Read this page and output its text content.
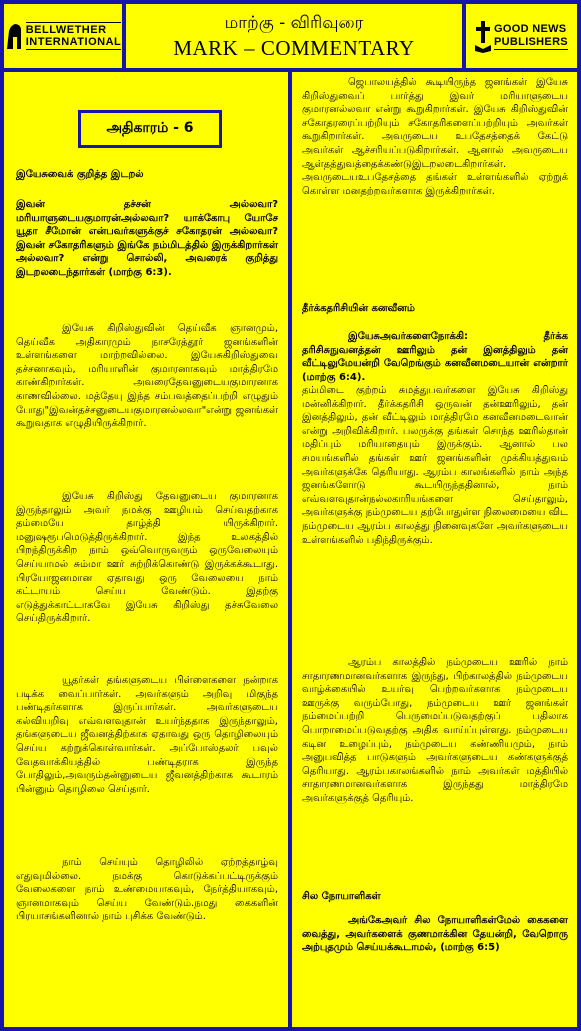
BELLWETHER
INTERNATIONAL
மாற்கு - விரிவுரை
MARK – COMMENTARY
GOOD NEWS
PUBLISHERS
அதிகாரம் - 6
இயேசுவைக் குறித்த இடறல்
இவன் தச்சன் அல்லவா? மரியாளுடையகுமாரன்அல்லவா? யாக்கோபு யோசே யூதா சீமோன் என்பவர்களுக்குச் சகோதரன் அல்லவா? இவன் சகோதரிகளும் இங்கே நம்மிடத்தில் இருக்கிறார்கள் அல்லவா? என்று சொல்லி, அவரைக் குறித்து இடறலடைந்தார்கள் (மாற்கு 6:3).
இயேசு கிறிஸ்துவின் தெய்வீக ஞானமும், தெய்வீக அதிகாரமும் நாசரேத்தூர் ஜனங்களின் உள்ளங்களை மாற்றவில்லை. இயேசுகிறிஸ்துவை தச்சனாகவும், மரியாளின் குமாரனாகவும் மாத்திரமே காண்கிறார்கள். அவரைதேவனுடையகுமாரனாக காணவில்லை. மத்தேயு இந்த சம்பவத்தைப்பற்றி எழுதும் போது"இவன்தச்சனுடையகுமாரனல்லவா"என்று ஜனங்கள் கூறுவதாக எழுதியிருக்கிறார்.
இயேசு கிறிஸ்து தேவனுடைய குமாரனாக இருந்தாலும் அவர் நமக்கு ஊழியம் செய்வதற்காக தம்மையே தாழ்த்தி யிருக்கிறார். மனுஷரூபமெடுத்திருக்கிறார். இந்த உலகத்தில் பிறந்திருக்கிற நாம் ஒவ்வொருவரும் ஒருவேலையும் செய்யாமல் சும்மா ஊர் சுற்றிக்கொண்டு இருக்கக்கூடாது. பிரயோஜனமான ஏதாவது ஒரு வேலையை நாம் கட்டாயம் செய்ய வேண்டும். இதற்கு எடுத்துக்காட்டாகவே இயேசு கிறிஸ்து தச்சுவேலை செய்திருக்கிறார்.
யூதர்கள் தங்களுடைய பிள்ளைகளை நன்றாக படிக்க வைப்பார்கள். அவர்களும் அறிவு மிகுந்த பண்டிதர்களாக இருப்பார்கள். அவர்களுடைய கல்வியறிவு எவ்வளவுதான் உயர்ந்ததாக இருந்தாலும், தங்களுடைய ஜீவனத்திற்காக ஏதாவது ஒரு தொழிலையும் செய்ய கற்றுக்கொள்வார்கள். அப்போஸ்தலர் பவுல் வேதவாக்கியத்தில் பண்டிதராக இருந்த போதிலும்,அவரும்தன்னுடைய ஜீவனத்திற்காக கூடாரம் பின்னும் தொழிலை செய்தார்.
நாம் செய்யும் தொழிலில் ஏற்றத்தாழ்வு எதுவுமில்லை. நமக்கு கொடுக்கப்பட்டிருக்கும் வேலைகளை நாம் உண்மையாகவும், நேர்த்தியாகவும், ஞானமாகவும் செய்ய வேண்டும்.நமது கைகளின் பிரயாசங்களினால் நாம் புசிக்க வேண்டும்.
ஜெபாலயத்தில் கூடியிருந்த ஜனங்கள் இயேசு கிறிஸ்துவைப் பார்த்து இவர் மரியாளுடைய குமாரனல்லவா என்று கூறுகிறார்கள். இயேசு கிறிஸ்துவின் சகோதரரைப்பற்றியும் சகோதரிகளைப்பற்றியும் அவர்கள் கூறுகிறார்கள். அவருடைய உபதேசத்தைக் கேட்டு அவர்கள் ஆச்சரியப்படுகிறார்கள். ஆனால் அவருடைய ஆள்தத்துவத்தைக்கண்டுஇடறலடைகிறார்கள். அவருடையஉபதேசத்தை தங்கள் உள்ளங்களில் ஏற்றுக் கொள்ள மனதற்றவர்களாக இருக்கிறார்கள்.
தீர்க்கதரிசியின் கனவீனம்
இயேசுஅவர்களைநோக்கி: தீர்க்க தரிசிசுநுவனத்தன் ஊரிலும் தன் இனத்திலும் தன் வீட்டிலுமேயன்றி வேறெங்கும் கனவீனமடையான் என்றார் (மாற்கு 6:4).
தம்மிடை குற்றம் சுமத்துபவர்களை இயேசு கிறிஸ்து மன்னிக்கிறார். தீர்க்கதரிசி ஒருவன் தன்ஊரிலும், தன் இனத்திலும், தன் வீட்டிலும் மாத்திரமே கனவீனமடைவான் என்று அறிவிக்கிறார். பலருக்கு தங்கள் சொந்த ஊரில்தான் மதிப்பும் மரியாதையும் இருக்கும். ஆனால் பல சமயங்களில் தங்கள் ஊர் ஜனங்களின் முக்கியத்துவம் அவர்களுக்கே தெரியாது. ஆரம்ப காலங்களில் நாம் அந்த ஜனங்களோடு கூடயிருந்ததினால், நாம் எவ்வளவுதான்நல்லகாரியங்களை செய்தாலும், அவர்களுக்கு நம்முடைய தற்போதுள்ள நிலைமையை விட நம்முடைய ஆரம்ப காலத்து நினைவுகளே அவர்களுடைய உள்ளங்களில் பதிந்திருக்கும்.
ஆரம்ப காலத்தில் நம்முடைய ஊரில் நாம் சாதாரணமானவர்களாக இருந்து, பிற்காலத்தில் நம்முடைய வாழ்க்கையில் உயர்வு பெற்றவர்களாக நம்முடைய ஊருக்கு வரும்போது, நம்முடைய ஊர் ஜனங்கள் நம்மைப்பற்றி பெருமைப்படுவதற்குப் பதிலாக பொறாமைப்படுவதற்கு அதிக வாய்ப்புள்ளது. நம்முடைய கடின உழைப்பும், நம்முடைய கண்ணியமும், நாம் அனுபவித்த பாடுகளும் அவர்களுடைய கண்களுக்குத் தெரியாது. ஆரம்பகாலங்களில் நாம் அவர்கள் மத்தியில் சாதாரணமானவர்களாக இருந்தது மாத்திரமே அவர்களுக்குத் தெரியும்.
சில நோயாளிகள்
அங்கேஅவர் சில நோயாளிகள்மேல் கைகளை வைத்து, அவர்களைக் குணமாக்கின தேயன்றி, வேறொரு அற்புதமும் செய்யக்கூடாமல், (மாற்கு 6:5)
